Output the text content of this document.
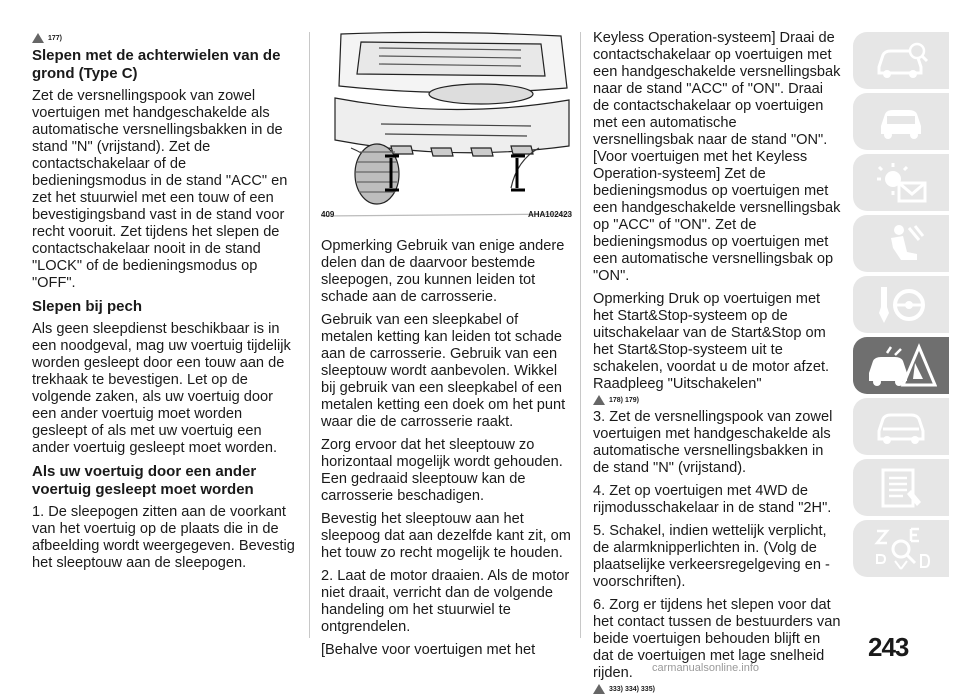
177)

Slepen met de achterwielen van de grond (Type C)

Zet de versnellingspook van zowel voertuigen met handgeschakelde als automatische versnellingsbakken in de stand "N" (vrijstand). Zet de contactschakelaar of de bedieningsmodus in de stand "ACC" en zet het stuurwiel met een touw of een bevestigingsband vast in de stand voor recht vooruit. Zet tijdens het slepen de contactschakelaar nooit in de stand "LOCK" of de bedieningsmodus op "OFF".

Slepen bij pech

Als geen sleepdienst beschikbaar is in een noodgeval, mag uw voertuig tijdelijk worden gesleept door een touw aan de trekhaak te bevestigen. Let op de volgende zaken, als uw voertuig door een ander voertuig moet worden gesleept of als met uw voertuig een ander voertuig gesleept moet worden.

Als uw voertuig door een ander voertuig gesleept moet worden

1. De sleepogen zitten aan de voorkant van het voertuig op de plaats die in de afbeelding wordt weergegeven. Bevestig het sleeptouw aan de sleepogen.

409	AHA102423

Opmerking Gebruik van enige andere delen dan de daarvoor bestemde sleepogen, zou kunnen leiden tot schade aan de carrosserie.

Gebruik van een sleepkabel of metalen ketting kan leiden tot schade aan de carrosserie. Gebruik van een sleeptouw wordt aanbevolen. Wikkel bij gebruik van een sleepkabel of een metalen ketting een doek om het punt waar die de carrosserie raakt.

Zorg ervoor dat het sleeptouw zo horizontaal mogelijk wordt gehouden. Een gedraaid sleeptouw kan de carrosserie beschadigen.

Bevestig het sleeptouw aan het sleepoog dat aan dezelfde kant zit, om het touw zo recht mogelijk te houden.

2. Laat de motor draaien. Als de motor niet draait, verricht dan de volgende handeling om het stuurwiel te ontgrendelen.

[Behalve voor voertuigen met het

Keyless Operation-systeem] Draai de contactschakelaar op voertuigen met een handgeschakelde versnellingsbak naar de stand "ACC" of "ON". Draai de contactschakelaar op voertuigen met een automatische versnellingsbak naar de stand "ON". [Voor voertuigen met het Keyless Operation-systeem] Zet de bedieningsmodus op voertuigen met een handgeschakelde versnellingsbak op "ACC" of "ON". Zet de bedieningsmodus op voertuigen met een automatische versnellingsbak op "ON".

Opmerking Druk op voertuigen met het Start&Stop-systeem op de uitschakelaar van de Start&Stop om het Start&Stop-systeem uit te schakelen, voordat u de motor afzet. Raadpleeg "Uitschakelen"

178) 179)

3. Zet de versnellingspook van zowel voertuigen met handgeschakelde als automatische versnellingsbakken in de stand "N" (vrijstand).

4. Zet op voertuigen met 4WD de rijmodusschakelaar in de stand "2H".

5. Schakel, indien wettelijk verplicht, de alarmknipperlichten in. (Volg de plaatselijke verkeersregelgeving en -voorschriften).

6. Zorg er tijdens het slepen voor dat het contact tussen de bestuurders van beide voertuigen behouden blijft en dat de voertuigen met lage snelheid rijden.

333) 334) 335)
243
carmanualsonline.info
